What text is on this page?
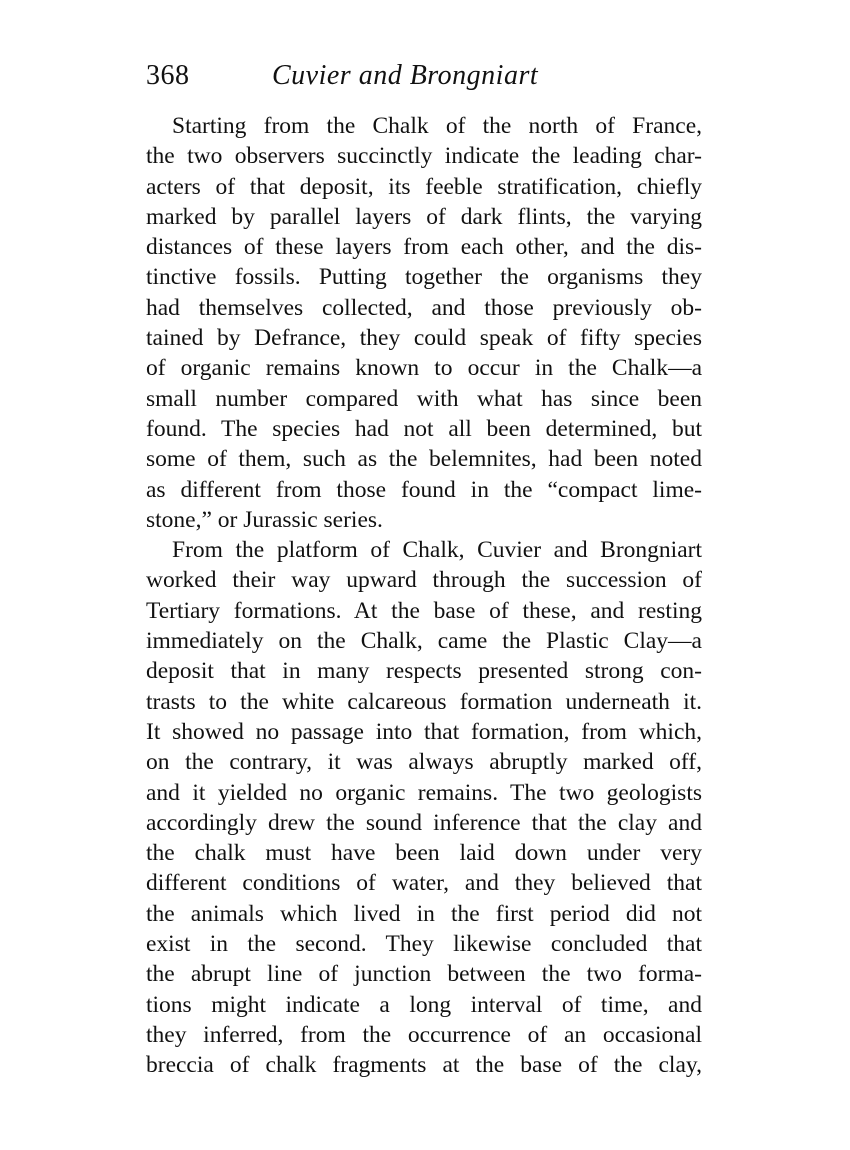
368	Cuvier and Brongniart
Starting from the Chalk of the north of France,
the two observers succinctly indicate the leading char-
acters of that deposit, its feeble stratification, chiefly
marked by parallel layers of dark flints, the varying
distances of these layers from each other, and the dis-
tinctive fossils. Putting together the organisms they
had themselves collected, and those previously ob-
tained by Defrance, they could speak of fifty species
of organic remains known to occur in the Chalk—a
small number compared with what has since been
found. The species had not all been determined, but
some of them, such as the belemnites, had been noted
as different from those found in the “compact lime-
stone,” or Jurassic series.
From the platform of Chalk, Cuvier and Brongniart
worked their way upward through the succession of
Tertiary formations. At the base of these, and resting
immediately on the Chalk, came the Plastic Clay—a
deposit that in many respects presented strong con-
trasts to the white calcareous formation underneath it.
It showed no passage into that formation, from which,
on the contrary, it was always abruptly marked off,
and it yielded no organic remains. The two geologists
accordingly drew the sound inference that the clay and
the chalk must have been laid down under very
different conditions of water, and they believed that
the animals which lived in the first period did not
exist in the second. They likewise concluded that
the abrupt line of junction between the two forma-
tions might indicate a long interval of time, and
they inferred, from the occurrence of an occasional
breccia of chalk fragments at the base of the clay,
